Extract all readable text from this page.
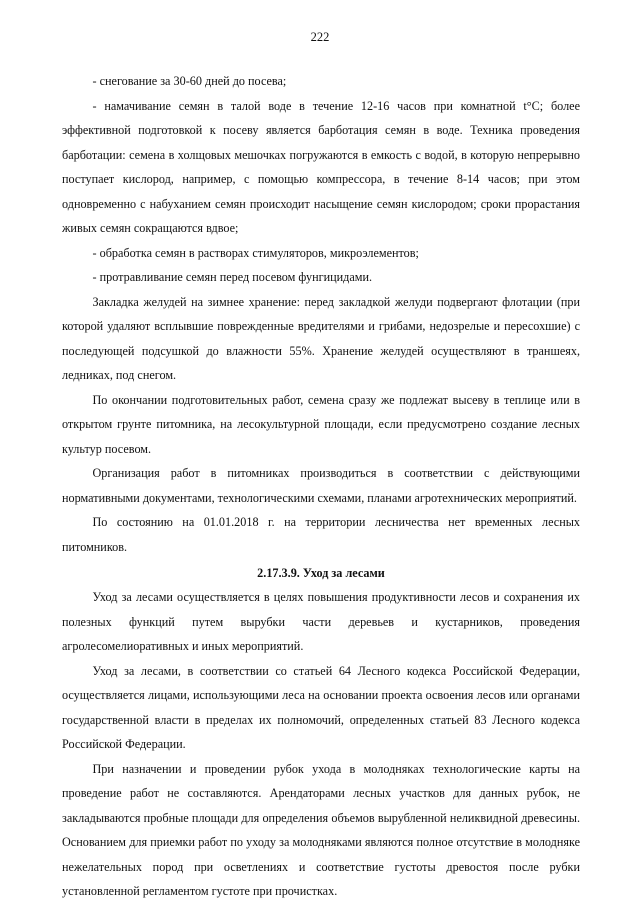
222

- снегование за 30-60 дней до посева;

- намачивание семян в талой воде в течение 12-16 часов при комнатной t°С; более эффективной подготовкой к посеву является барботация семян в воде. Техника проведения барботации: семена в холщовых мешочках погружаются в емкость с водой, в которую непрерывно поступает кислород, например, с помощью компрессора, в течение 8-14 часов; при этом одновременно с набуханием семян происходит насыщение семян кислородом; сроки прорастания живых семян сокращаются вдвое;

- обработка семян в растворах стимуляторов, микроэлементов;

- протравливание семян перед посевом фунгицидами.

Закладка желудей на зимнее хранение: перед закладкой желуди подвергают флотации (при которой удаляют всплывшие поврежденные вредителями и грибами, недозрелые и пересохшие) с последующей подсушкой до влажности 55%. Хранение желудей осуществляют в траншеях, ледниках, под снегом.

По окончании подготовительных работ, семена сразу же подлежат высеву в теплице или в открытом грунте питомника, на лесокультурной площади, если предусмотрено создание лесных культур посевом.

Организация работ в питомниках производиться в соответствии с действующими нормативными документами, технологическими схемами, планами агротехнических мероприятий.

По состоянию на 01.01.2018 г. на территории лесничества нет временных лесных питомников.

2.17.3.9. Уход за лесами

Уход за лесами осуществляется в целях повышения продуктивности лесов и сохранения их полезных функций путем вырубки части деревьев и кустарников, проведения агролесомелиоративных и иных мероприятий.

Уход за лесами, в соответствии со статьей 64 Лесного кодекса Российской Федерации, осуществляется лицами, использующими леса на основании проекта освоения лесов или органами государственной власти в пределах их полномочий, определенных статьей 83 Лесного кодекса Российской Федерации.

При назначении и проведении рубок ухода в молодняках технологические карты на проведение работ не составляются. Арендаторами лесных участков для данных рубок, не закладываются пробные площади для определения объемов вырубленной неликвидной древесины. Основанием для приемки работ по уходу за молодняками являются полное отсутствие в молодняке нежелательных пород при осветлениях и соответствие густоты древостоя после рубки установленной регламентом густоте при прочистках.
